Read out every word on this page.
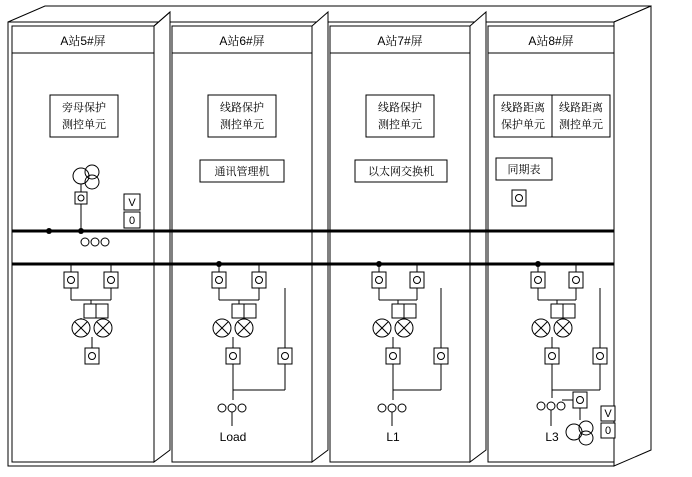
A站5#屏	A站6#屏	A站7#屏	A站8#屏
旁母保护
测控单元
V
0
线路保护
测控单元
通讯管理机
Load
线路保护
测控单元
以太网交换机
L1
线路距离
保护单元
线路距离
测控单元
同期表
L3
V
0
